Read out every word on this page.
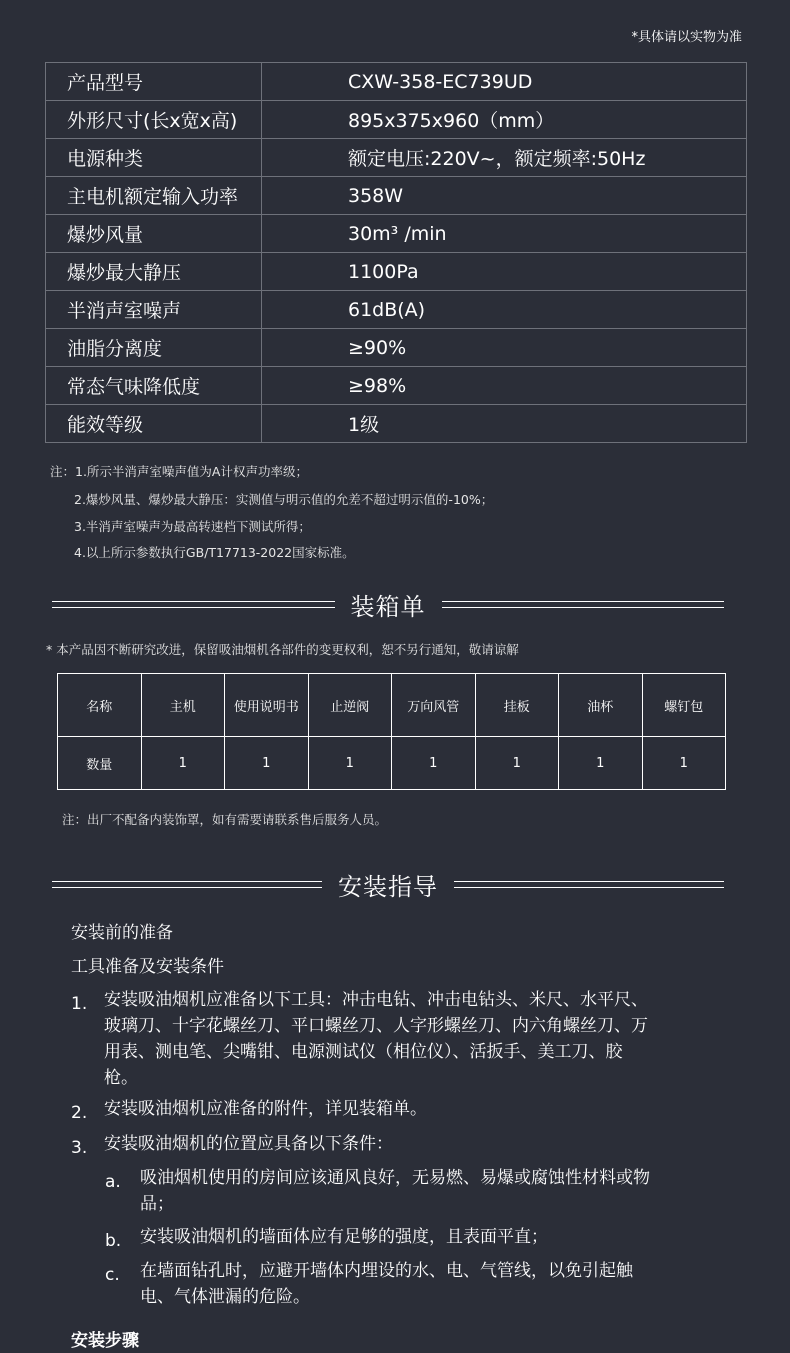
*具体请以实物为准
产品型号	CXW-358-EC739UD
外形尺寸(长x宽x高)	895x375x960（mm）
电源种类	额定电压:220V~，额定频率:50Hz
主电机额定输入功率	358W
爆炒风量	30m³ /min
爆炒最大静压	1100Pa
半消声室噪声	61dB(A)
油脂分离度	≥90%
常态气味降低度	≥98%
能效等级	1级
注：1.所示半消声室噪声值为A计权声功率级；
2.爆炒风量、爆炒最大静压：实测值与明示值的允差不超过明示值的-10%；
3.半消声室噪声为最高转速档下测试所得；
4.以上所示参数执行GB/T17713-2022国家标准。
装箱单
* 本产品因不断研究改进，保留吸油烟机各部件的变更权利，恕不另行通知，敬请谅解
名称	主机	使用说明书	止逆阀	万向风管	挂板	油杯	螺钉包
数量	1	1	1	1	1	1	1
注：出厂不配备内装饰罩，如有需要请联系售后服务人员。
安装指导
安装前的准备
工具准备及安装条件
1. 安装吸油烟机应准备以下工具：冲击电钻、冲击电钻头、米尺、水平尺、
玻璃刀、十字花螺丝刀、平口螺丝刀、人字形螺丝刀、内六角螺丝刀、万
用表、测电笔、尖嘴钳、电源测试仪（相位仪）、活扳手、美工刀、胶
枪。
2. 安装吸油烟机应准备的附件，详见装箱单。
3. 安装吸油烟机的位置应具备以下条件：
a. 吸油烟机使用的房间应该通风良好，无易燃、易爆或腐蚀性材料或物
品；
b. 安装吸油烟机的墙面体应有足够的强度，且表面平直；
c. 在墙面钻孔时，应避开墙体内埋设的水、电、气管线，以免引起触
电、气体泄漏的危险。
安装步骤
